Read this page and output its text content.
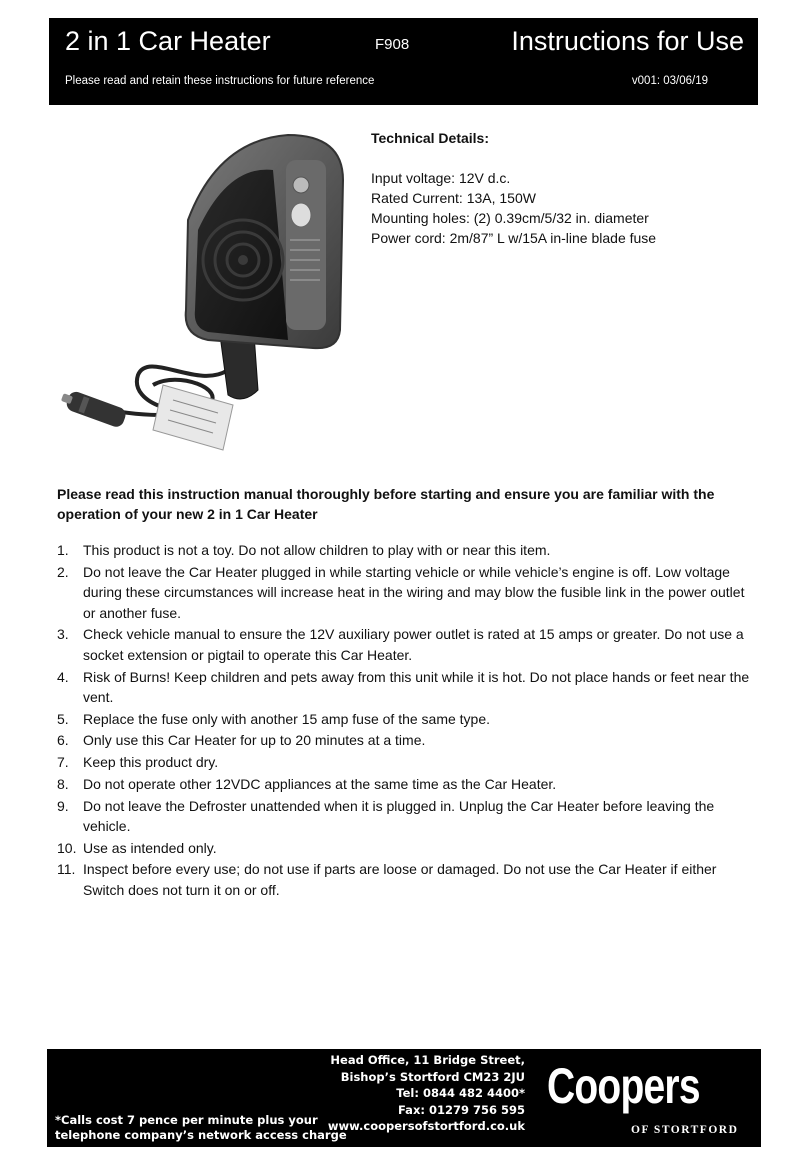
2 in 1 Car Heater	F908	Instructions for Use
Please read and retain these instructions for future reference	v001: 03/06/19
Technical Details:
Input voltage: 12V d.c.
Rated Current: 13A, 150W
Mounting holes: (2) 0.39cm/5/32 in. diameter
Power cord: 2m/87” L w/15A in-line blade fuse
Please read this instruction manual thoroughly before starting and ensure you are familiar with the operation of your new 2 in 1 Car Heater
1. This product is not a toy. Do not allow children to play with or near this item.
2. Do not leave the Car Heater plugged in while starting vehicle or while vehicle’s engine is off. Low voltage during these circumstances will increase heat in the wiring and may blow the fusible link in the power outlet or another fuse.
3. Check vehicle manual to ensure the 12V auxiliary power outlet is rated at 15 amps or greater. Do not use a socket extension or pigtail to operate this Car Heater.
4. Risk of Burns! Keep children and pets away from this unit while it is hot. Do not place hands or feet near the vent.
5. Replace the fuse only with another 15 amp fuse of the same type.
6. Only use this Car Heater for up to 20 minutes at a time.
7. Keep this product dry.
8. Do not operate other 12VDC appliances at the same time as the Car Heater.
9. Do not leave the Defroster unattended when it is plugged in. Unplug the Car Heater before leaving the vehicle.
10. Use as intended only.
11. Inspect before every use; do not use if parts are loose or damaged. Do not use the Car Heater if either Switch does not turn it on or off.
Head Office, 11 Bridge Street,
Bishop’s Stortford CM23 2JU
Tel: 0844 482 4400*
Fax: 01279 756 595
www.coopersofstortford.co.uk
*Calls cost 7 pence per minute plus your
telephone company’s network access charge
Coopers
OF STORTFORD
